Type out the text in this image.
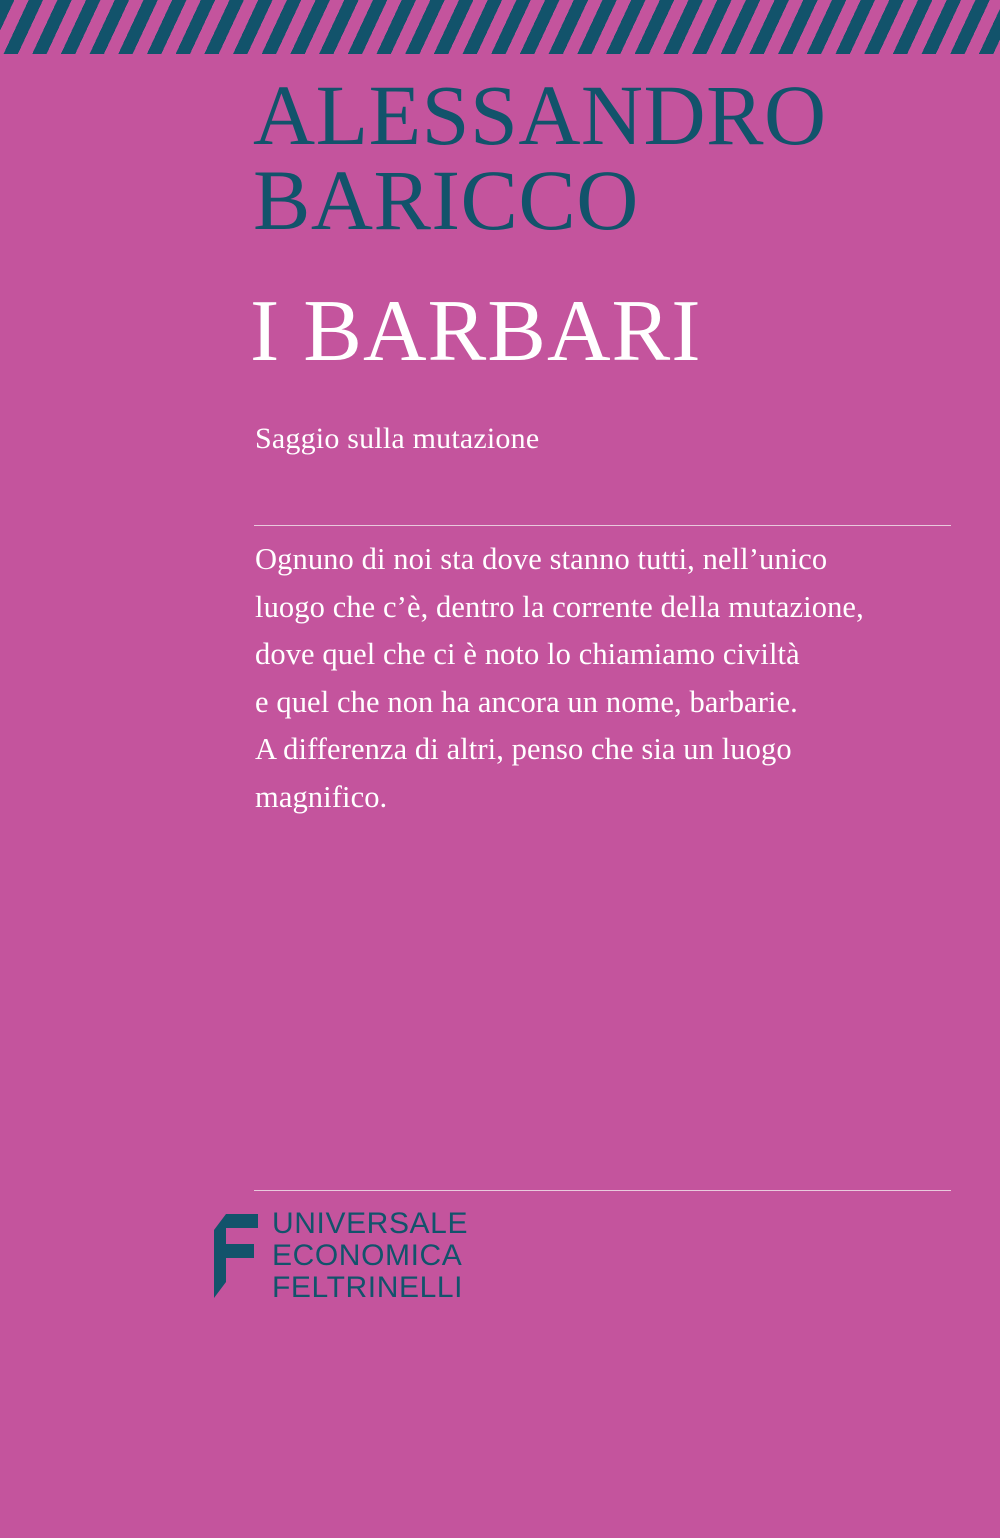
ALESSANDRO
BARICCO
I BARBARI
Saggio sulla mutazione
Ognuno di noi sta dove stanno tutti, nell’unico
luogo che c’è, dentro la corrente della mutazione,
dove quel che ci è noto lo chiamiamo civiltà
e quel che non ha ancora un nome, barbarie.
A differenza di altri, penso che sia un luogo
magnifico.
UNIVERSALE
ECONOMICA
FELTRINELLI
